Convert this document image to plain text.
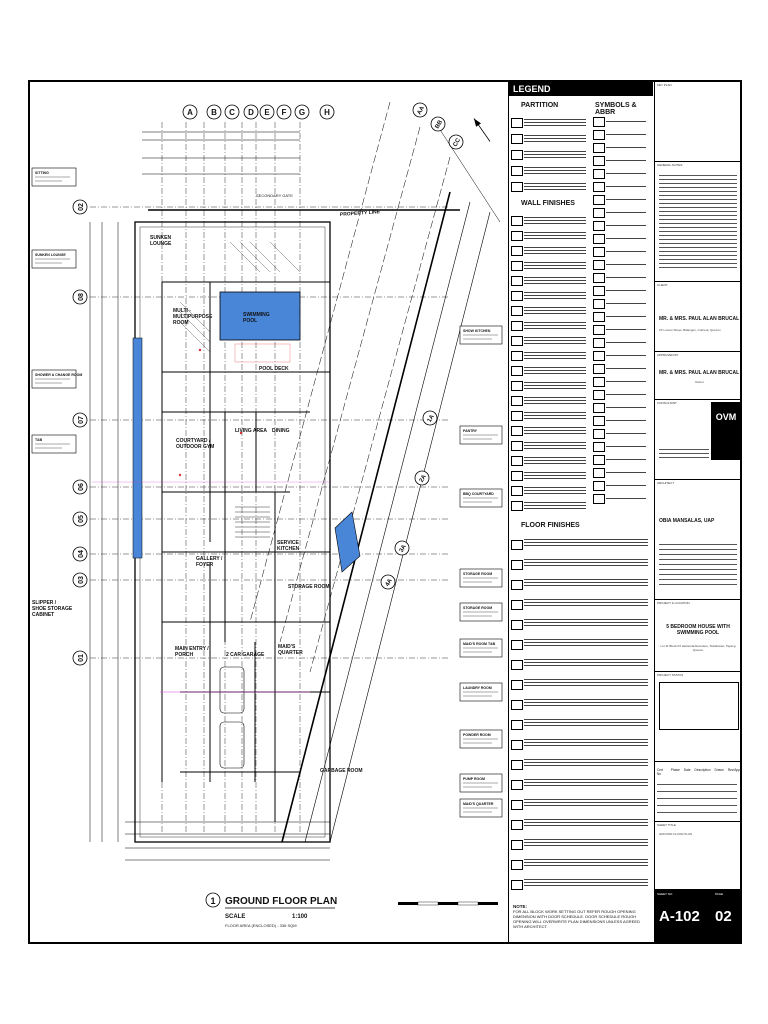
A B C D E F G H
08
07
06
05
04
03
02
01
AA
BB
CC
1A
2A
3A
4A
SITTING
SUNKEN LOUNGE
SHOWER & CHANGE ROOM
T&B
SHOW KITCHEN
PANTRY
BBQ COURTYARD
STORAGE ROOM
STORAGE ROOM
MAID'S ROOM T&B
LAUNDRY ROOM
POWDER ROOM
PUMP ROOM
MAID'S QUARTER
SWIMMING POOL
MULTI -MULTIPURPOSE ROOM
POOL DECK
LIVING AREA DINING
COURTYARD / OUTDOOR GYM
GALLERY / FOYER
MAIN ENTRY / PORCH	2 CAR GARAGE
SERVICE KITCHEN
STORAGE ROOM
MAID'S QUARTER
SUNKEN LOUNGE
SLIPPER / SHOE STORAGE CABINET
GARBAGE ROOM
PROPERTY LINE
SECONDARY GATE
1 GROUND FLOOR PLAN
SCALE	1:100
FLOOR AREA (ENCLOSED) - 336 SQM
LEGEND
PARTITION	SYMBOLS & ABBR
WALL FINISHES
FLOOR FINISHES
NOTE:
FOR ALL BLOCK WORK SETTING OUT REFER ROUGH OPENING DIMENSION WITH DOOR SCHEDULE. DOOR SCHEDULE ROUGH OPENING WILL OVERWRITE PLAN DIMENSIONS UNLESS AGREED WITH ARCHITECT.
KEY PLAN
GENERAL NOTES
CLIENT
MR. & MRS. PAUL ALAN BRUCAL
2X Lucero Street, Balangon, Cobrera, Quezon
APPROVED BY
MR. & MRS. PAUL ALAN BRUCAL
Owner
CONSULTANT
OVM
ARCHITECT
OBIA MANSALAS, UAP
PROJECT & LOCATION
5 BEDROOM HOUSE WITH SWIMMING POOL
Lot 11 Block 03 Hacienda Escudero, Sukalinsan, Tayang Quezon
PROJECT STATUS
Cert No
Phase Date Description Drawn Rev/Appr
SHEET TITLE
GROUND FLOOR PLAN
SHEET NO	PAGE
A-102 02
